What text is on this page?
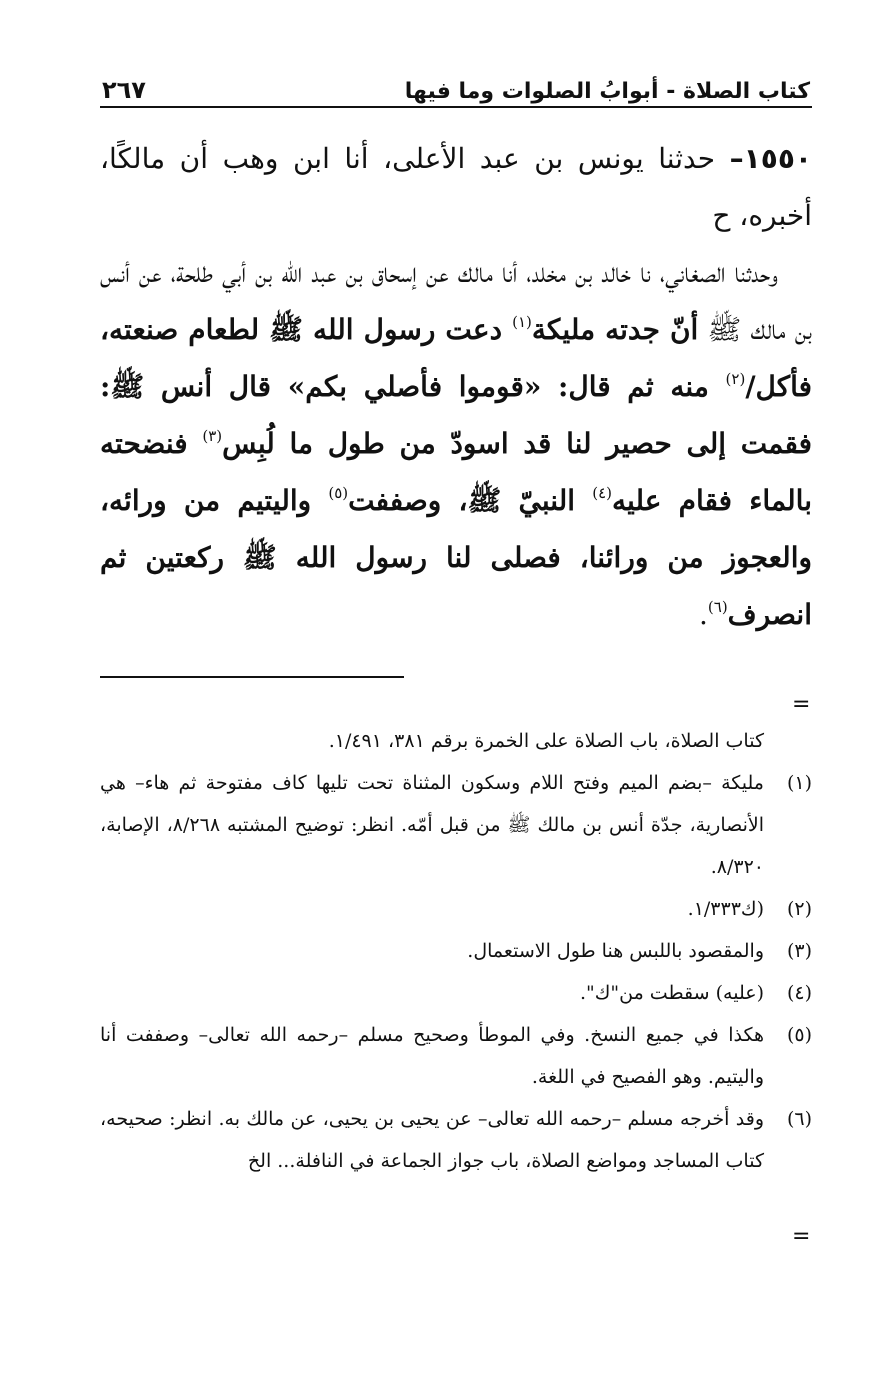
كتاب الصلاة - أبوابُ الصلوات وما فيها
٢٦٧

١٥٥٠– حدثنا يونس بن عبد الأعلى، أنا ابن وهب أن مالكًا، أخبره، ح

وحدثنا الصغاني، نا خالد بن مخلد، أنا مالك عن إسحاق بن عبد الله بن أبي طلحة، عن أنس بن مالك ﷺ أنّ جدته مليكة$^{(١)}$ دعت رسول الله ﷺ لطعام صنعته، فأكل/$^{(٢)}$ منه ثم قال: «قوموا فأصلي بكم» قال أنس ﷺ: فقمت إلى حصير لنا قد اسودّ من طول ما لُبِس$^{(٣)}$ فنضحته بالماء فقام عليه$^{(٤)}$ النبيّ ﷺ، وصففت$^{(٥)}$ واليتيم من ورائه، والعجوز من ورائنا، فصلى لنا رسول الله ﷺ ركعتين ثم انصرف$^{(٦)}$.

=
كتاب الصلاة، باب الصلاة على الخمرة برقم ٣٨١، ١/٤٩١.
(١)
مليكة –بضم الميم وفتح اللام وسكون المثناة تحت تليها كاف مفتوحة ثم هاء– هي الأنصارية، جدّة أنس بن مالك ﷺ من قبل أمّه. انظر: توضيح المشتبه ٨/٢٦٨، الإصابة، ٨/٣٢٠.
(٢)
(ك١/٣٣٣.
(٣)
والمقصود باللبس هنا طول الاستعمال.
(٤)
(عليه) سقطت من"ك".
(٥)
هكذا في جميع النسخ. وفي الموطأ وصحيح مسلم –رحمه الله تعالى– وصففت أنا واليتيم. وهو الفصيح في اللغة.
(٦)
وقد أخرجه مسلم –رحمه الله تعالى– عن يحيى بن يحيى، عن مالك به. انظر: صحيحه، كتاب المساجد ومواضع الصلاة، باب جواز الجماعة في النافلة... الخ
=
